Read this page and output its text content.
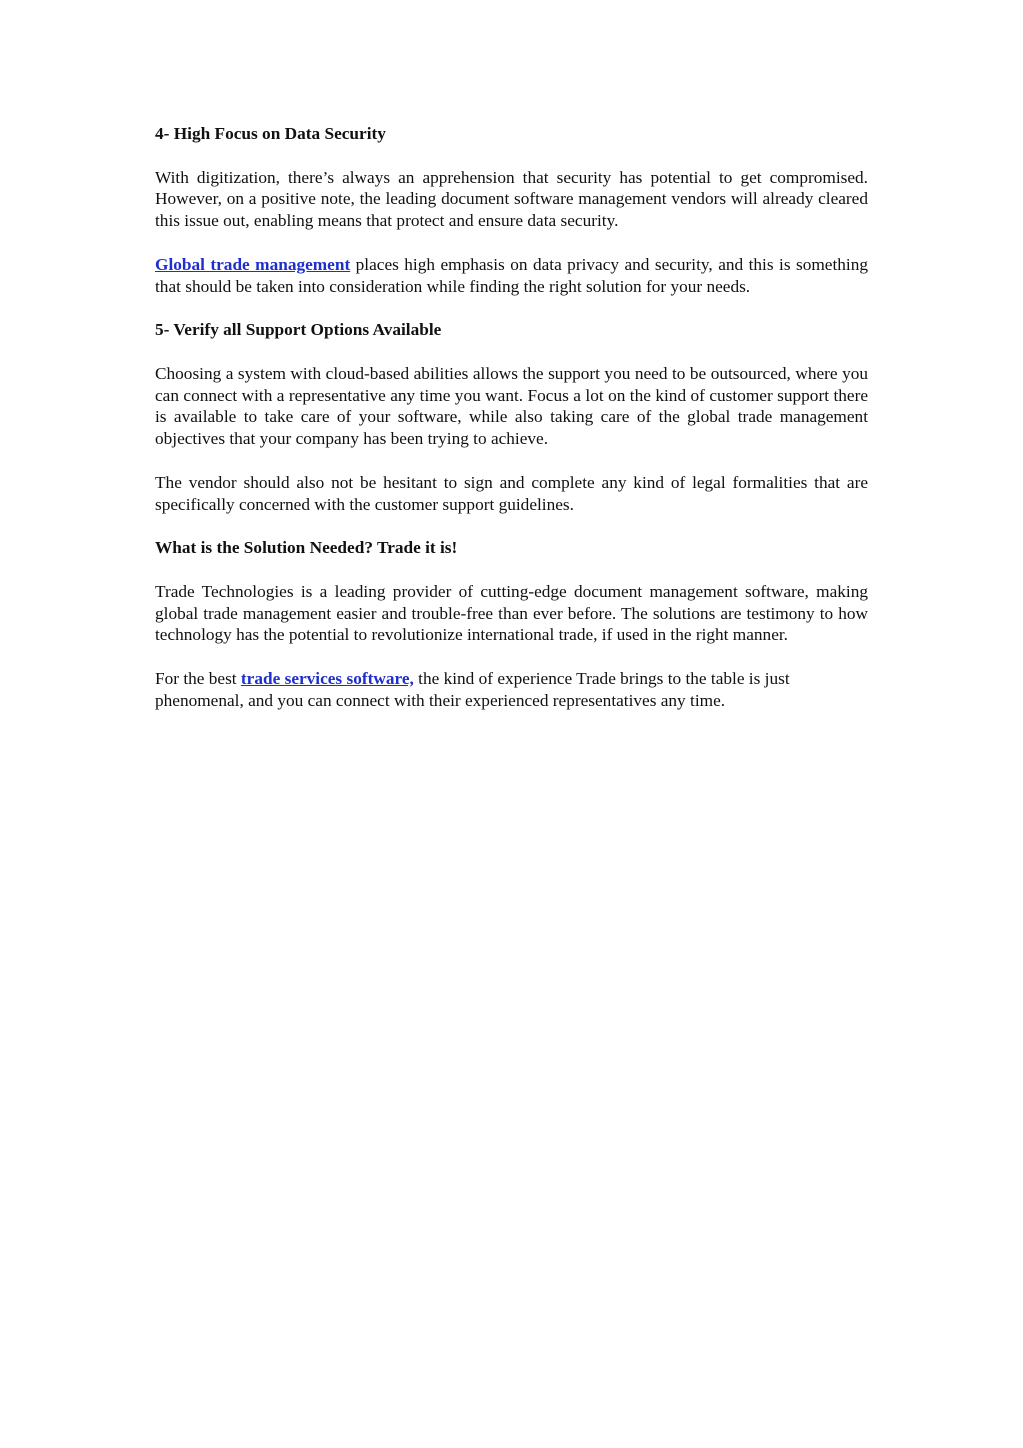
4- High Focus on Data Security

With digitization, there’s always an apprehension that security has potential to get compromised. However, on a positive note, the leading document software management vendors will already cleared this issue out, enabling means that protect and ensure data security.

Global trade management places high emphasis on data privacy and security, and this is something that should be taken into consideration while finding the right solution for your needs.

5- Verify all Support Options Available

Choosing a system with cloud-based abilities allows the support you need to be outsourced, where you can connect with a representative any time you want. Focus a lot on the kind of customer support there is available to take care of your software, while also taking care of the global trade management objectives that your company has been trying to achieve.

The vendor should also not be hesitant to sign and complete any kind of legal formalities that are specifically concerned with the customer support guidelines.

What is the Solution Needed? Trade it is!

Trade Technologies is a leading provider of cutting-edge document management software, making global trade management easier and trouble-free than ever before. The solutions are testimony to how technology has the potential to revolutionize international trade, if used in the right manner.

For the best trade services software, the kind of experience Trade brings to the table is just phenomenal, and you can connect with their experienced representatives any time.
